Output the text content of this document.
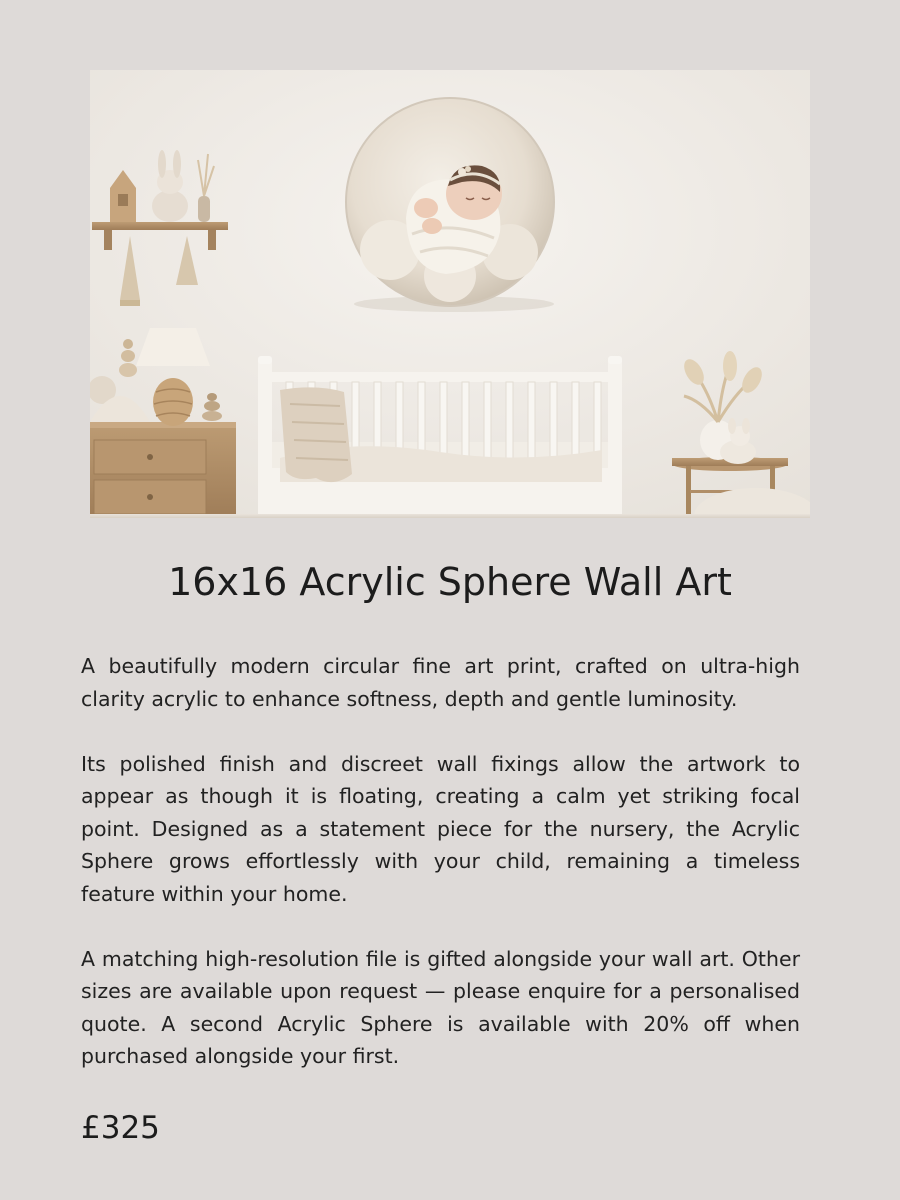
16x16 Acrylic Sphere Wall Art

A beautifully modern circular fine art print, crafted on ultra-high clarity acrylic to enhance softness, depth and gentle luminosity.

Its polished finish and discreet wall fixings allow the artwork to appear as though it is floating, creating a calm yet striking focal point. Designed as a statement piece for the nursery, the Acrylic Sphere grows effortlessly with your child, remaining a timeless feature within your home.

A matching high-resolution file is gifted alongside your wall art. Other sizes are available upon request — please enquire for a personalised quote. A second Acrylic Sphere is available with 20% off when purchased alongside your first.

£325
